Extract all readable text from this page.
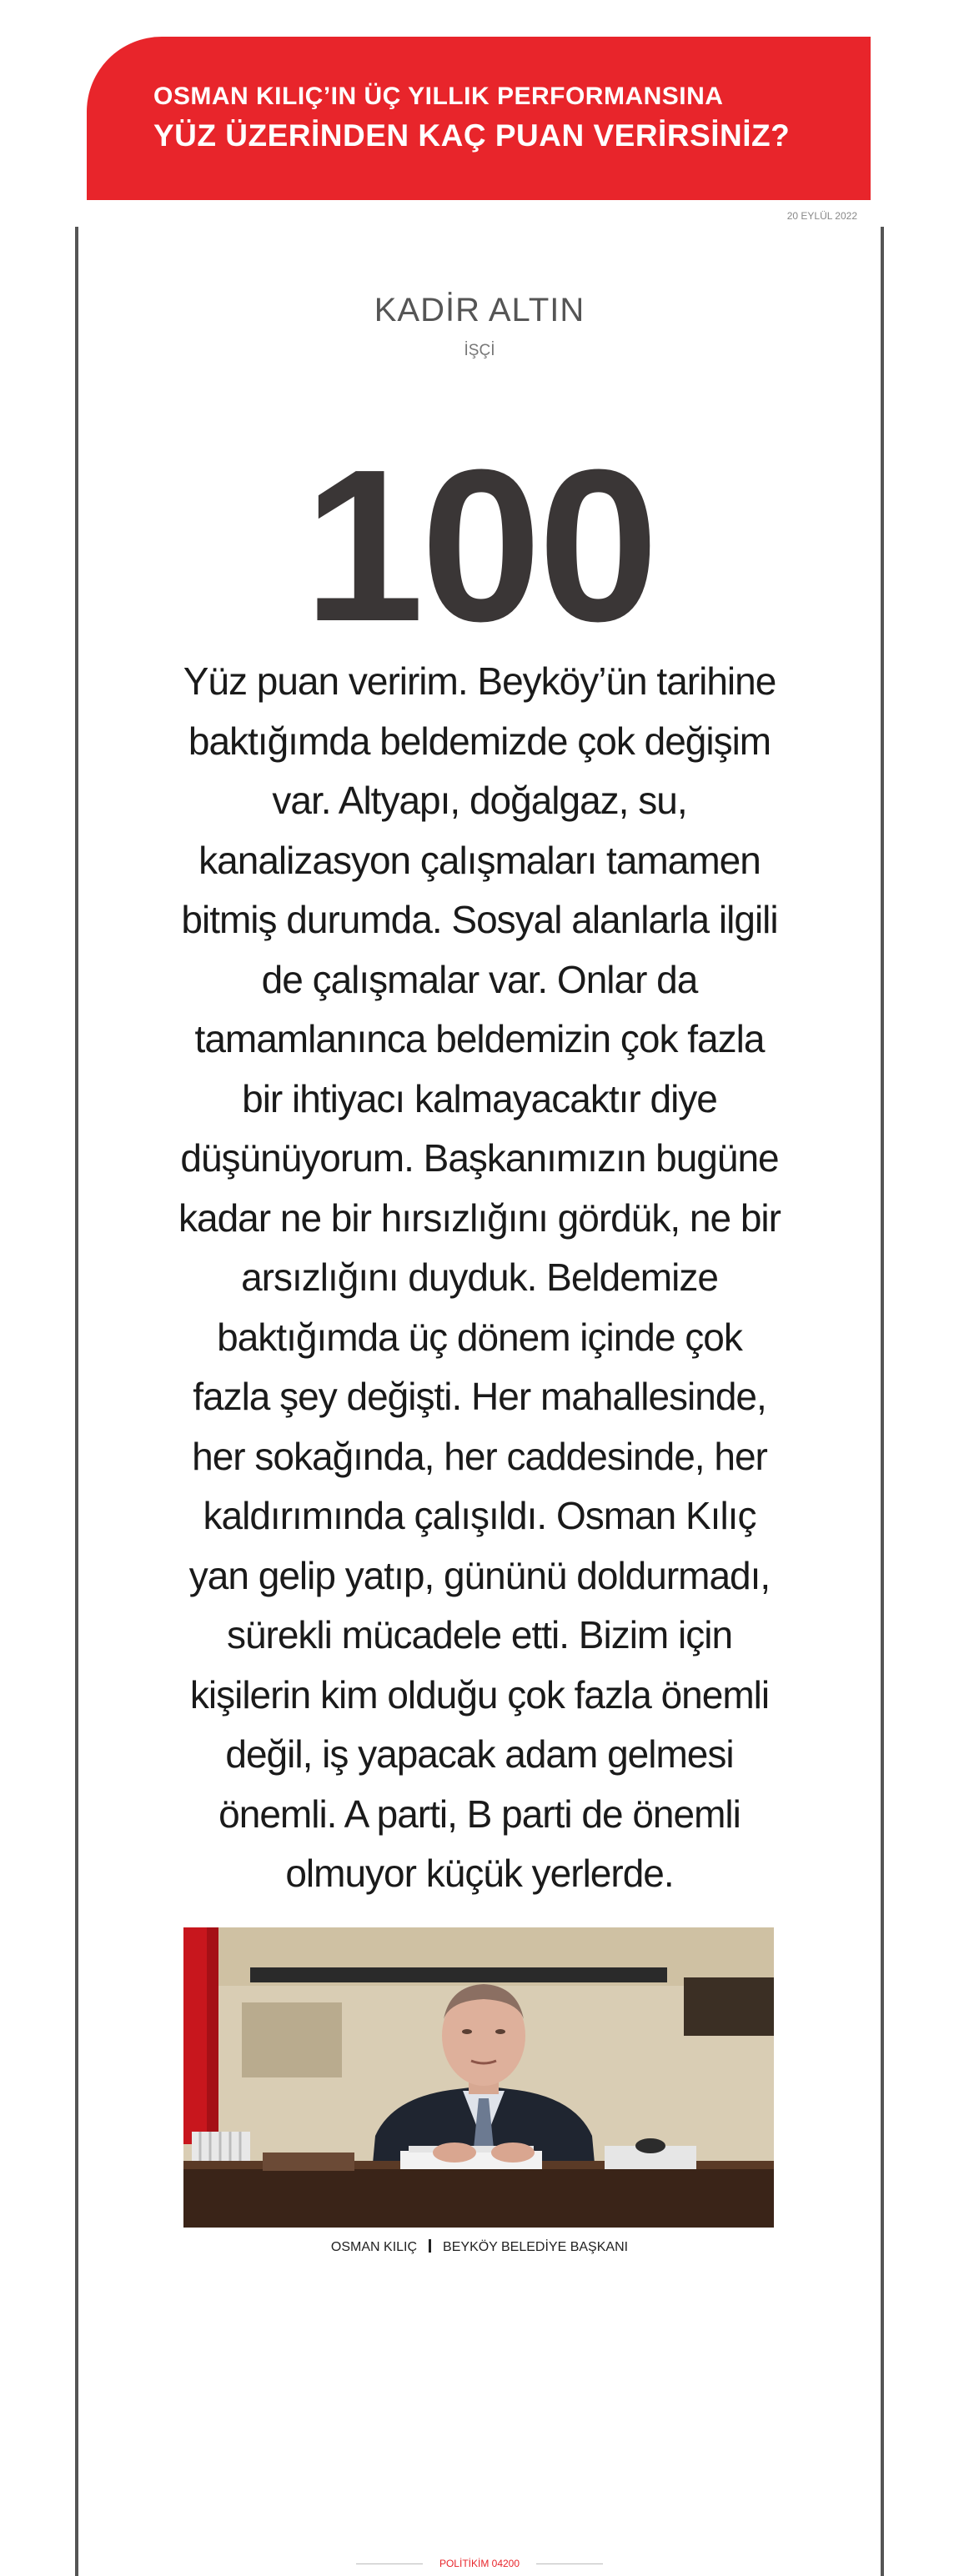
OSMAN KILIÇ’IN ÜÇ YILLIK PERFORMANSINA
YÜZ ÜZERİNDEN KAÇ PUAN VERİRSİNİZ?
20 EYLÜL 2022
KADİR ALTIN
İŞÇİ
100
Yüz puan veririm. Beyköy’ün tarihine baktığımda beldemizde çok değişim var. Altyapı, doğalgaz, su, kanalizasyon çalışmaları tamamen bitmiş durumda. Sosyal alanlarla ilgili de çalışmalar var. Onlar da tamamlanınca beldemizin çok fazla bir ihtiyacı kalmayacaktır diye düşünüyorum. Başkanımızın bugüne kadar ne bir hırsızlığını gördük, ne bir arsızlığını duyduk. Beldemize baktığımda üç dönem içinde çok fazla şey değişti. Her mahallesinde, her sokağında, her caddesinde, her kaldırımında çalışıldı. Osman Kılıç yan gelip yatıp, gününü doldurmadı, sürekli mücadele etti. Bizim için kişilerin kim olduğu çok fazla önemli değil, iş yapacak adam gelmesi önemli. A parti, B parti de önemli olmuyor küçük yerlerde.
OSMAN KILIÇ BEYKÖY BELEDİYE BAŞKANI
POLİTİKİM 04200
